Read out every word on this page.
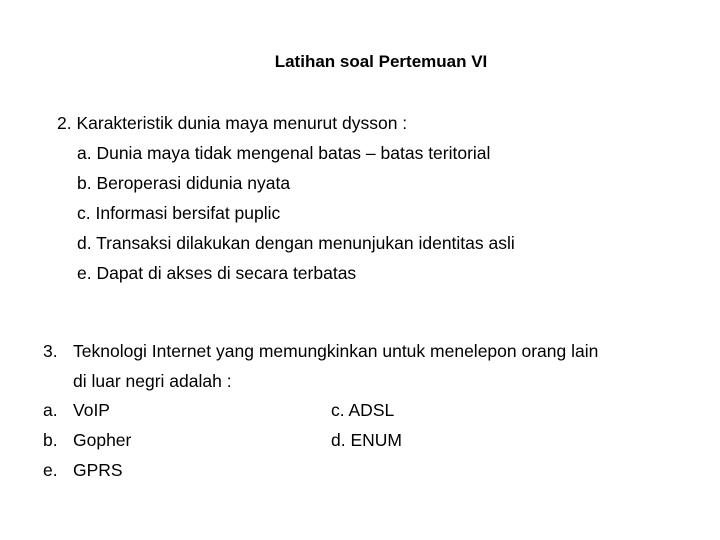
Latihan soal Pertemuan VI
2. Karakteristik dunia maya menurut dysson :
a. Dunia maya tidak mengenal batas – batas teritorial
b. Beroperasi didunia nyata
c. Informasi bersifat puplic
d. Transaksi dilakukan dengan menunjukan identitas asli
e. Dapat di akses di secara terbatas
3. Teknologi Internet yang memungkinkan untuk menelepon orang lain
di luar negri adalah :
a. VoIP	c. ADSL
b. Gopher	d. ENUM
e. GPRS
